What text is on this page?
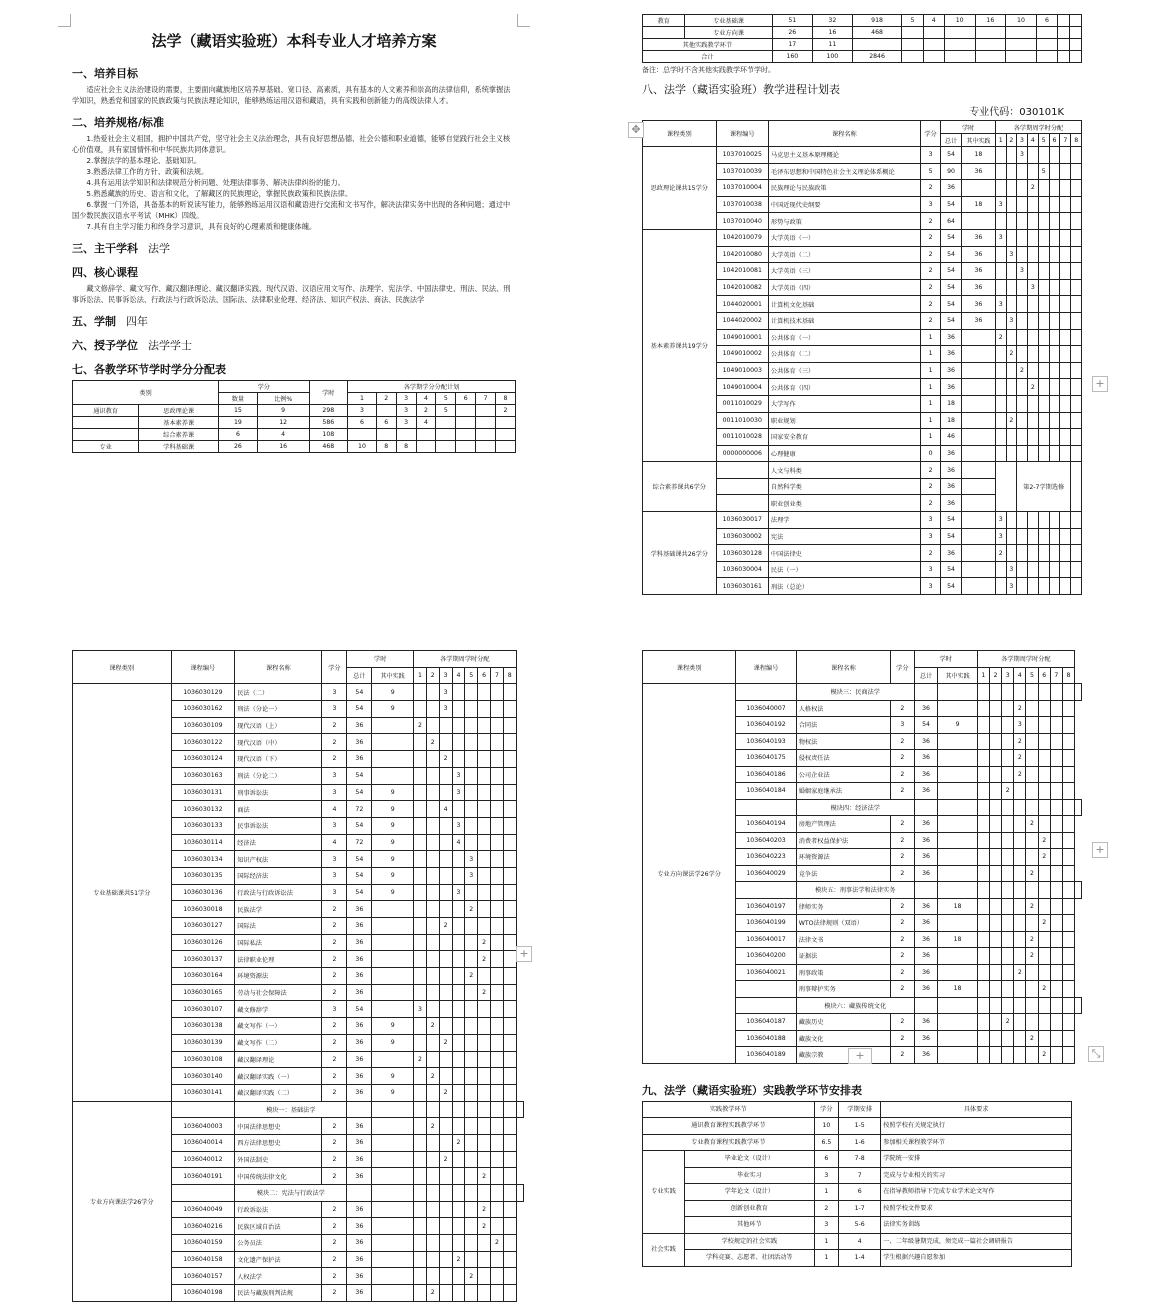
法学（藏语实验班）本科专业人才培养方案
一、培养目标
适应社会主义法治建设的需要，主要面向藏族地区培养厚基础、宽口径、高素质，具有基本的人文素养和崇高的法律信仰，系统掌握法学知识，熟悉党和国家的民族政策与民族法理论知识，能够熟练运用汉语和藏语，具有实践和创新能力的高级法律人才。
二、培养规格/标准
1.热爱社会主义祖国，拥护中国共产党，坚守社会主义法治理念，具有良好思想品德、社会公德和职业道德，能够自觉践行社会主义核心价值观，具有家国情怀和中华民族共同体意识。
2.掌握法学的基本理论、基础知识。
3.熟悉法律工作的方针、政策和法规。
4.具有运用法学知识和法律规范分析问题、处理法律事务、解决法律纠纷的能力。
5.熟悉藏族的历史、语言和文化，了解藏区的民族理论，掌握民族政策和民族法律。
6.掌握一门外语，具备基本的听说读写能力，能够熟练运用汉语和藏语进行交流和文书写作，解决法律实务中出现的各种问题；通过中国少数民族汉语水平考试（MHK）四级。
7.具有自主学习能力和终身学习意识，具有良好的心理素质和健康体魄。
三、主干学科 法学
四、核心课程
藏文修辞学、藏文写作、藏汉翻译理论、藏汉翻译实践、现代汉语、汉语应用文写作、法理学、宪法学、中国法律史、刑法、民法、刑事诉讼法、民事诉讼法、行政法与行政诉讼法、国际法、法律职业伦理、经济法、知识产权法、商法、民族法学
五、学制 四年
六、授予学位 法学学士
七、各教学环节学时学分分配表
类别		学分		学时	各学期学分分配计划							
		数量	比例%		1	2	3	4	5	6	7	8
通识教育	思政理论课	15	9	298	3		3	2	5			2
	基本素养课	19	12	586	6	6	3	4				
	综合素养课	6	4	108								
专业	学科基础课	26	16	468	10	8	8					
教育	专业基础课	51	32	918	5	4	10	16	10	6		
	专业方向课	26	16	468								
其他实践教学环节		17	11									
合计		160	100	2846								
备注：总学时不含其他实践教学环节学时。
八、法学（藏语实验班）教学进程计划表
专业代码：030101K
课程类别	课程编号	课程名称	学分	学时		各学期周学时分配							
				总计	其中实践	1	2	3	4	5	6	7	8
思政理论课共15学分	1037010025	马克思主义基本原理概论	3	54	18			3					
	1037010039	毛泽东思想和中国特色社会主义理论体系概论	5	90	36					5			
	1037010004	民族理论与民族政策	2	36					2				
	1037010038	中国近现代史纲要	3	54	18	3							
	1037010040	形势与政策	2	64									
基本素养课共19学分	1042010079	大学英语（一）	2	54	36	3							
	1042010080	大学英语（二）	2	54	36		3						
	1042010081	大学英语（三）	2	54	36			3					
	1042010082	大学英语（四）	2	54	36				3				
	1044020001	计算机文化基础	2	54	36	3							
	1044020002	计算机技术基础	2	54	36		3						
	1049010001	公共体育（一）	1	36		2							
	1049010002	公共体育（二）	1	36			2						
	1049010003	公共体育（三）	1	36				2					
	1049010004	公共体育（四）	1	36					2				
	0011010029	大学写作	1	18									
	0011010030	职业规划	1	18			2						
	0011010028	国家安全教育	1	46									
	0000000006	心理健康	0	36									
综合素养课共6学分		人文与科类	2	36				第2-7学期选修					
		自然科学类	2	36									
		职业创业类	2	36									
学科基础课共26学分	1036030017	法理学	3	54		3							
	1036030002	宪法	3	54		3							
	1036030128	中国法律史	2	36		2							
	1036030004	民法（一）	3	54			3						
	1036030161	刑法（总论）	3	54			3						
✥
+
课程类别	课程编号	课程名称	学分	学时		各学期周学时分配								
				总计	其中实践	1	2	3	4	5	6	7	8	
专业基础课共51学分	1036030129	民法（二）	3	54	9			3						
	1036030162	刑法（分论一）	3	54	9			3						
	1036030109	现代汉语（上）	2	36		2								
	1036030122	现代汉语（中）	2	36			2							
	1036030124	现代汉语（下）	2	36				2						
	1036030163	刑法（分论二）	3	54					3					
	1036030131	刑事诉讼法	3	54	9				3					
	1036030132	商法	4	72	9			4						
	1036030133	民事诉讼法	3	54	9				3					
	1036030114	经济法	4	72	9				4					
	1036030134	知识产权法	3	54	9					3				
	1036030135	国际经济法	3	54	9					3				
	1036030136	行政法与行政诉讼法	3	54	9				3					
	1036030018	民族法学	2	36						2				
	1036030127	国际法	2	36				2						
	1036030126	国际私法	2	36							2			
	1036030137	法律职业伦理	2	36							2			
	1036030164	环境资源法	2	36						2				
	1036030165	劳动与社会保障法	2	36							2			
	1036030107	藏文修辞学	3	54		3								
	1036030138	藏文写作（一）	2	36	9		2							
	1036030139	藏文写作（二）	2	36	9			2						
	1036030108	藏汉翻译理论	2	36		2								
	1036030140	藏汉翻译实践（一）	2	36	9		2							
	1036030141	藏汉翻译实践（二）	2	36	9			2						
专业方向课法学26学分		模块一：基础法学												
	1036040003	中国法律思想史	2	36			2							
	1036040014	西方法律思想史	2	36					2					
	1036040012	外国法制史	2	36				2						
	1036040191	中国传统法律文化	2	36							2			
		模块二：宪法与行政法学												
	1036040049	行政诉讼法	2	36							2			
	1036040216	民族区域自治法	2	36							2			
	1036040159	公务员法	2	36								2		
	1036040158	文化遗产保护法	2	36					2					
	1036040157	人权法学	2	36						2				
	1036040198	民法与藏族刑判法规	2	36			2							
+
课程类别	课程编号	课程名称	学分	学时		各学期周学时分配								
				总计	其中实践	1	2	3	4	5	6	7	8	
专业方向课法学26学分		模块三：民商法学												
	1036040007	人格权法	2	36					2					
	1036040192	合同法	3	54	9				3					
	1036040193	物权法	2	36					2					
	1036040175	侵权责任法	2	36					2					
	1036040186	公司企业法	2	36					2					
	1036040184	婚姻家庭继承法	2	36				2						
		模块四：经济法学												
	1036040194	房地产管理法	2	36						2				
	1036040203	消费者权益保护法	2	36							2			
	1036040223	环境资源法	2	36							2			
	1036040029	竞争法	2	36						2				
		模块五：刑事法学和法律实务												
	1036040197	律师实务	2	36	18					2				
	1036040199	WTO法律规则（双语）	2	36							2			
	1036040017	法律文书	2	36	18					2				
	1036040200	证据法	2	36						2				
	1036040021	刑事政策	2	36					2					
		刑事辩护实务	2	36	18						2			
		模块六：藏族传统文化												
	1036040187	藏族历史	2	36				2						
	1036040188	藏族文化	2	36						2				
	1036040189	藏族宗教	2	36							2			
九、法学（藏语实验班）实践教学环节安排表
实践教学环节		学分	学期安排	具体要求
通识教育课程实践教学环节		10	1-5	按照学校有关规定执行
专业教育课程实践教学环节		6.5	1-6	参加相关课程教学环节
专业实践	毕业论文（设计）	6	7-8	学院统一安排
	毕业实习	3	7	完成与专业相关的实习
	学年论文（设计）	1	6	在指导教师指导下完成专业学术论文写作
	创新创业教育	2	1-7	按照学校文件要求
	其他环节	3	5-6	法律实务训练
社会实践	学校规定的社会实践	1	4	一、二年级暑期完成，须完成一篇社会调研报告
	学科竞赛、志愿者、社团活动等	1	1-4	学生根据兴趣自愿参加
+
+	⤡
